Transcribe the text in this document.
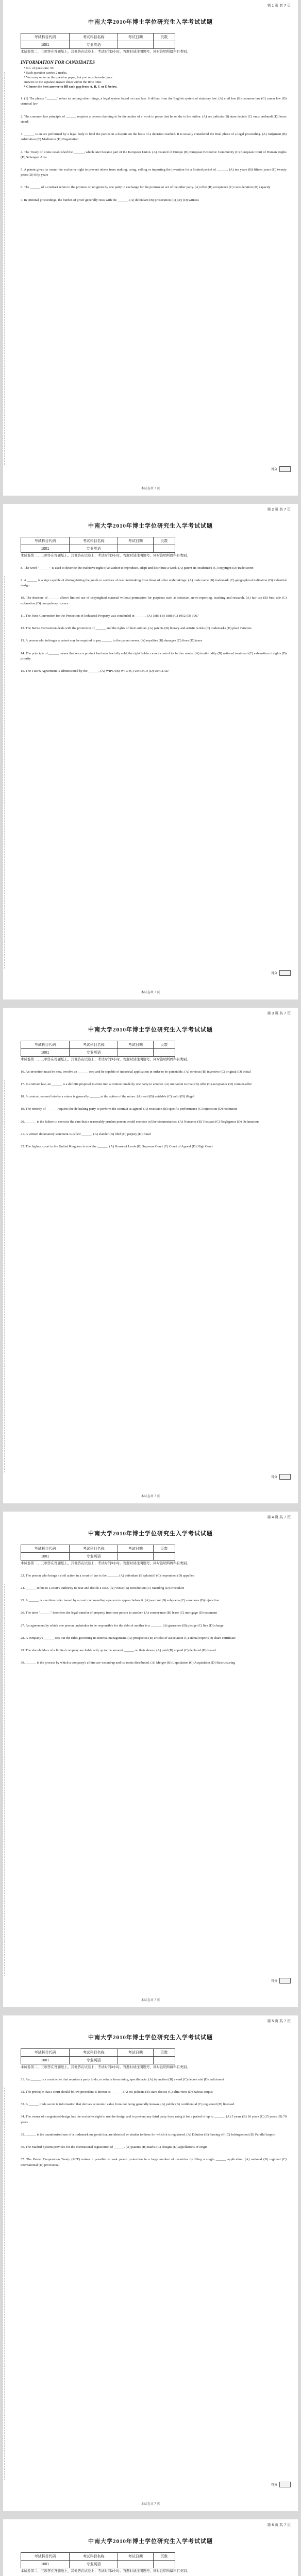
第 1 页 共 7 页
中南大学2010年博士学位研究生入学考试试题
考试科目代码	考试科目名称	考试日期	页数
1001	专业英语		
本试卷第二、三项答在答题纸上，其他答在试卷上；考试时间3小时。答题时请注明题号，同时注明所属科目类别。
INFORMATION FOR CANDIDATES
* No. of questions: 50
* Each question carries 2 marks.
* You may write on the question paper, but you must transfer your
answers to the separate answer sheet within the time limit.
* Choose the best answer to fill each gap from A, B, C or D below.
1. (1) The phrase "______" refers to, among other things, a legal system based on case law. It differs from the English system of statutory law. (A) civil law (B) common law (C) canon law (D) criminal law
2. The common law principle of ______ requires a person claiming to be the author of a work to prove that he or she is the author. (A) res judicata (B) stare decisis (C) onus probandi (D) locus standi
3. ______ is an act performed by a legal body to bind the parties in a dispute on the basis of a decision reached. It is usually considered the final phase of a legal proceeding. (A) Judgment (B) Arbitration (C) Mediation (D) Negotiation
4. The Treaty of Rome established the ______, which later became part of the European Union. (A) Council of Europe (B) European Economic Community (C) European Court of Human Rights (D) Schengen Area
5. A patent gives its owner the exclusive right to prevent others from making, using, selling or importing the invention for a limited period of ______. (A) ten years (B) fifteen years (C) twenty years (D) fifty years
6. The ______ of a contract refers to the promise or act given by one party in exchange for the promise or act of the other party. (A) offer (B) acceptance (C) consideration (D) capacity
7. In criminal proceedings, the burden of proof generally rests with the ______. (A) defendant (B) prosecution (C) jury (D) witness
得分
本试卷共 7 页
第 2 页 共 7 页
中南大学2010年博士学位研究生入学考试试题
考试科目代码	考试科目名称	考试日期	页数
1001	专业英语		
本试卷第二、三项答在答题纸上，其他答在试卷上；考试时间3小时。答题时请注明题号，同时注明所属科目类别。
8. The word "______" is used to describe the exclusive right of an author to reproduce, adapt and distribute a work. (A) patent (B) trademark (C) copyright (D) trade secret
9. A ______ is a sign capable of distinguishing the goods or services of one undertaking from those of other undertakings. (A) trade name (B) trademark (C) geographical indication (D) industrial design
10. The doctrine of ______ allows limited use of copyrighted material without permission for purposes such as criticism, news reporting, teaching and research. (A) fair use (B) first sale (C) exhaustion (D) compulsory licence
11. The Paris Convention for the Protection of Industrial Property was concluded in ______. (A) 1883 (B) 1886 (C) 1952 (D) 1967
12. The Berne Convention deals with the protection of ______ and the rights of their authors. (A) patents (B) literary and artistic works (C) trademarks (D) plant varieties
13. A person who infringes a patent may be required to pay ______ to the patent owner. (A) royalties (B) damages (C) fines (D) taxes
14. The principle of ______ means that once a product has been lawfully sold, the right holder cannot control its further resale. (A) territoriality (B) national treatment (C) exhaustion of rights (D) priority
15. The TRIPS Agreement is administered by the ______. (A) WIPO (B) WTO (C) UNESCO (D) UNCTAD
得分
本试卷共 7 页
第 3 页 共 7 页
中南大学2010年博士学位研究生入学考试试题
考试科目代码	考试科目名称	考试日期	页数
1001	专业英语		
本试卷第二、三项答在答题纸上，其他答在试卷上；考试时间3小时。答题时请注明题号，同时注明所属科目类别。
16. An invention must be new, involve an ______ step and be capable of industrial application in order to be patentable. (A) obvious (B) inventive (C) original (D) initial
17. In contract law, an ______ is a definite proposal to enter into a contract made by one party to another. (A) invitation to treat (B) offer (C) acceptance (D) counter-offer
18. A contract entered into by a minor is generally ______ at the option of the minor. (A) void (B) voidable (C) valid (D) illegal
19. The remedy of ______ requires the defaulting party to perform the contract as agreed. (A) rescission (B) specific performance (C) injunction (D) restitution
20. ______ is the failure to exercise the care that a reasonably prudent person would exercise in like circumstances. (A) Nuisance (B) Trespass (C) Negligence (D) Defamation
21. A written defamatory statement is called ______. (A) slander (B) libel (C) perjury (D) fraud
22. The highest court in the United Kingdom is now the ______. (A) House of Lords (B) Supreme Court (C) Court of Appeal (D) High Court
得分
本试卷共 7 页
第 4 页 共 7 页
中南大学2010年博士学位研究生入学考试试题
考试科目代码	考试科目名称	考试日期	页数
1001	专业英语		
本试卷第二、三项答在答题纸上，其他答在试卷上；考试时间3小时。答题时请注明题号，同时注明所属科目类别。
23. The person who brings a civil action in a court of law is the ______. (A) defendant (B) plaintiff (C) respondent (D) appellee
24. ______ refers to a court's authority to hear and decide a case. (A) Venue (B) Jurisdiction (C) Standing (D) Procedure
25. A ______ is a written order issued by a court commanding a person to appear before it. (A) warrant (B) subpoena (C) summons (D) injunction
26. The term "______" describes the legal transfer of property from one person to another. (A) conveyance (B) lease (C) mortgage (D) easement
27. An agreement by which one person undertakes to be responsible for the debt of another is a ______. (A) guarantee (B) pledge (C) lien (D) charge
28. A company's ______ sets out the rules governing its internal management. (A) prospectus (B) articles of association (C) annual report (D) share certificate
29. The shareholders of a limited company are liable only up to the amount ______ on their shares. (A) paid (B) unpaid (C) declared (D) issued
30. ______ is the process by which a company's affairs are wound up and its assets distributed. (A) Merger (B) Liquidation (C) Acquisition (D) Restructuring
得分
本试卷共 7 页
第 5 页 共 7 页
中南大学2010年博士学位研究生入学考试试题
考试科目代码	考试科目名称	考试日期	页数
1001	专业英语		
本试卷第二、三项答在答题纸上，其他答在试卷上；考试时间3小时。答题时请注明题号，同时注明所属科目类别。
31. An ______ is a court order that requires a party to do, or refrain from doing, specific acts. (A) injunction (B) award (C) decree nisi (D) indictment
32. The principle that a court should follow precedent is known as ______. (A) res judicata (B) stare decisis (C) ultra vires (D) habeas corpus
33. A ______ trade secret is information that derives economic value from not being generally known. (A) public (B) confidential (C) registered (D) licensed
34. The owner of a registered design has the exclusive right to use the design and to prevent any third party from using it for a period of up to ______. (A) 5 years (B) 10 years (C) 25 years (D) 70 years
35. ______ is the unauthorised use of a trademark on goods that are identical or similar to those for which it is registered. (A) Dilution (B) Passing off (C) Infringement (D) Parallel import
36. The Madrid System provides for the international registration of ______. (A) patents (B) marks (C) designs (D) appellations of origin
37. The Patent Cooperation Treaty (PCT) makes it possible to seek patent protection in a large number of countries by filing a single ______ application. (A) national (B) regional (C) international (D) provisional
得分
本试卷共 7 页
第 6 页 共 7 页
中南大学2010年博士学位研究生入学考试试题
考试科目代码	考试科目名称	考试日期	页数
1001	专业英语		
本试卷第二、三项答在答题纸上，其他答在试卷上；考试时间3小时。答题时请注明题号，同时注明所属科目类别。
